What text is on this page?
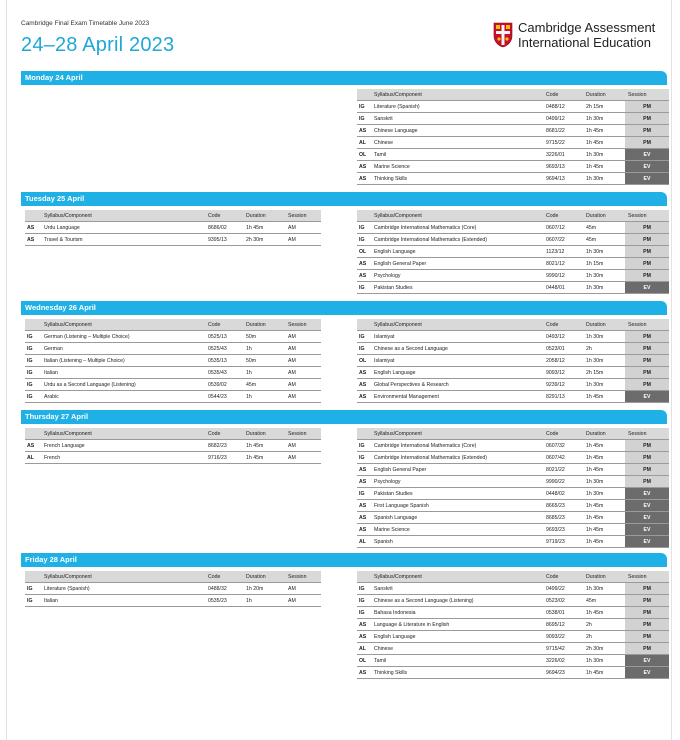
Cambridge Final Exam Timetable June 2023
24–28 April 2023
Cambridge Assessment
International Education
Monday 24 April
	Syllabus/Component	Code	Duration	Session
IG	Literature (Spanish)	0488/12	2h 15m	PM
IG	Sanskrit	0499/12	1h 30m	PM
AS	Chinese Language	8681/22	1h 45m	PM
AL	Chinese	9715/22	1h 45m	PM
OL	Tamil	3226/01	1h 30m	EV
AS	Marine Science	9693/13	1h 45m	EV
AS	Thinking Skills	9694/13	1h 30m	EV
Tuesday 25 April
	Syllabus/Component	Code	Duration	Session
AS	Urdu Language	8686/02	1h 45m	AM
AS	Travel & Tourism	9395/13	2h 30m	AM
	Syllabus/Component	Code	Duration	Session
IG	Cambridge International Mathematics (Core)	0607/12	45m	PM
IG	Cambridge International Mathematics (Extended)	0607/22	45m	PM
OL	English Language	1123/12	1h 30m	PM
AS	English General Paper	8021/12	1h 15m	PM
AS	Psychology	9990/12	1h 30m	PM
IG	Pakistan Studies	0448/01	1h 30m	EV
Wednesday 26 April
	Syllabus/Component	Code	Duration	Session
IG	German (Listening – Multiple Choice)	0525/13	50m	AM
IG	German	0525/43	1h	AM
IG	Italian (Listening – Multiple Choice)	0535/13	50m	AM
IG	Italian	0535/43	1h	AM
IG	Urdu as a Second Language (Listening)	0539/02	45m	AM
IG	Arabic	0544/23	1h	AM
	Syllabus/Component	Code	Duration	Session
IG	Islamiyat	0493/12	1h 30m	PM
IG	Chinese as a Second Language	0523/01	2h	PM
OL	Islamiyat	2058/12	1h 30m	PM
AS	English Language	9093/12	2h 15m	PM
AS	Global Perspectives & Research	9239/12	1h 30m	PM
AS	Environmental Management	8291/13	1h 45m	EV
Thursday 27 April
	Syllabus/Component	Code	Duration	Session
AS	French Language	8682/23	1h 45m	AM
AL	French	9716/23	1h 45m	AM
	Syllabus/Component	Code	Duration	Session
IG	Cambridge International Mathematics (Core)	0607/32	1h 45m	PM
IG	Cambridge International Mathematics (Extended)	0607/42	1h 45m	PM
AS	English General Paper	8021/22	1h 45m	PM
AS	Psychology	9990/22	1h 30m	PM
IG	Pakistan Studies	0448/02	1h 30m	EV
AS	First Language Spanish	8665/23	1h 45m	EV
AS	Spanish Language	8685/23	1h 45m	EV
AS	Marine Science	9693/23	1h 45m	EV
AL	Spanish	9719/23	1h 45m	EV
Friday 28 April
	Syllabus/Component	Code	Duration	Session
IG	Literature (Spanish)	0488/32	1h 20m	AM
IG	Italian	0535/23	1h	AM
	Syllabus/Component	Code	Duration	Session
IG	Sanskrit	0499/22	1h 30m	PM
IG	Chinese as a Second Language (Listening)	0523/02	45m	PM
IG	Bahasa Indonesia	0538/01	1h 45m	PM
AS	Language & Literature in English	8695/12	2h	PM
AS	English Language	9093/22	2h	PM
AL	Chinese	9715/42	2h 30m	PM
OL	Tamil	3226/02	1h 30m	EV
AS	Thinking Skills	9694/23	1h 45m	EV
